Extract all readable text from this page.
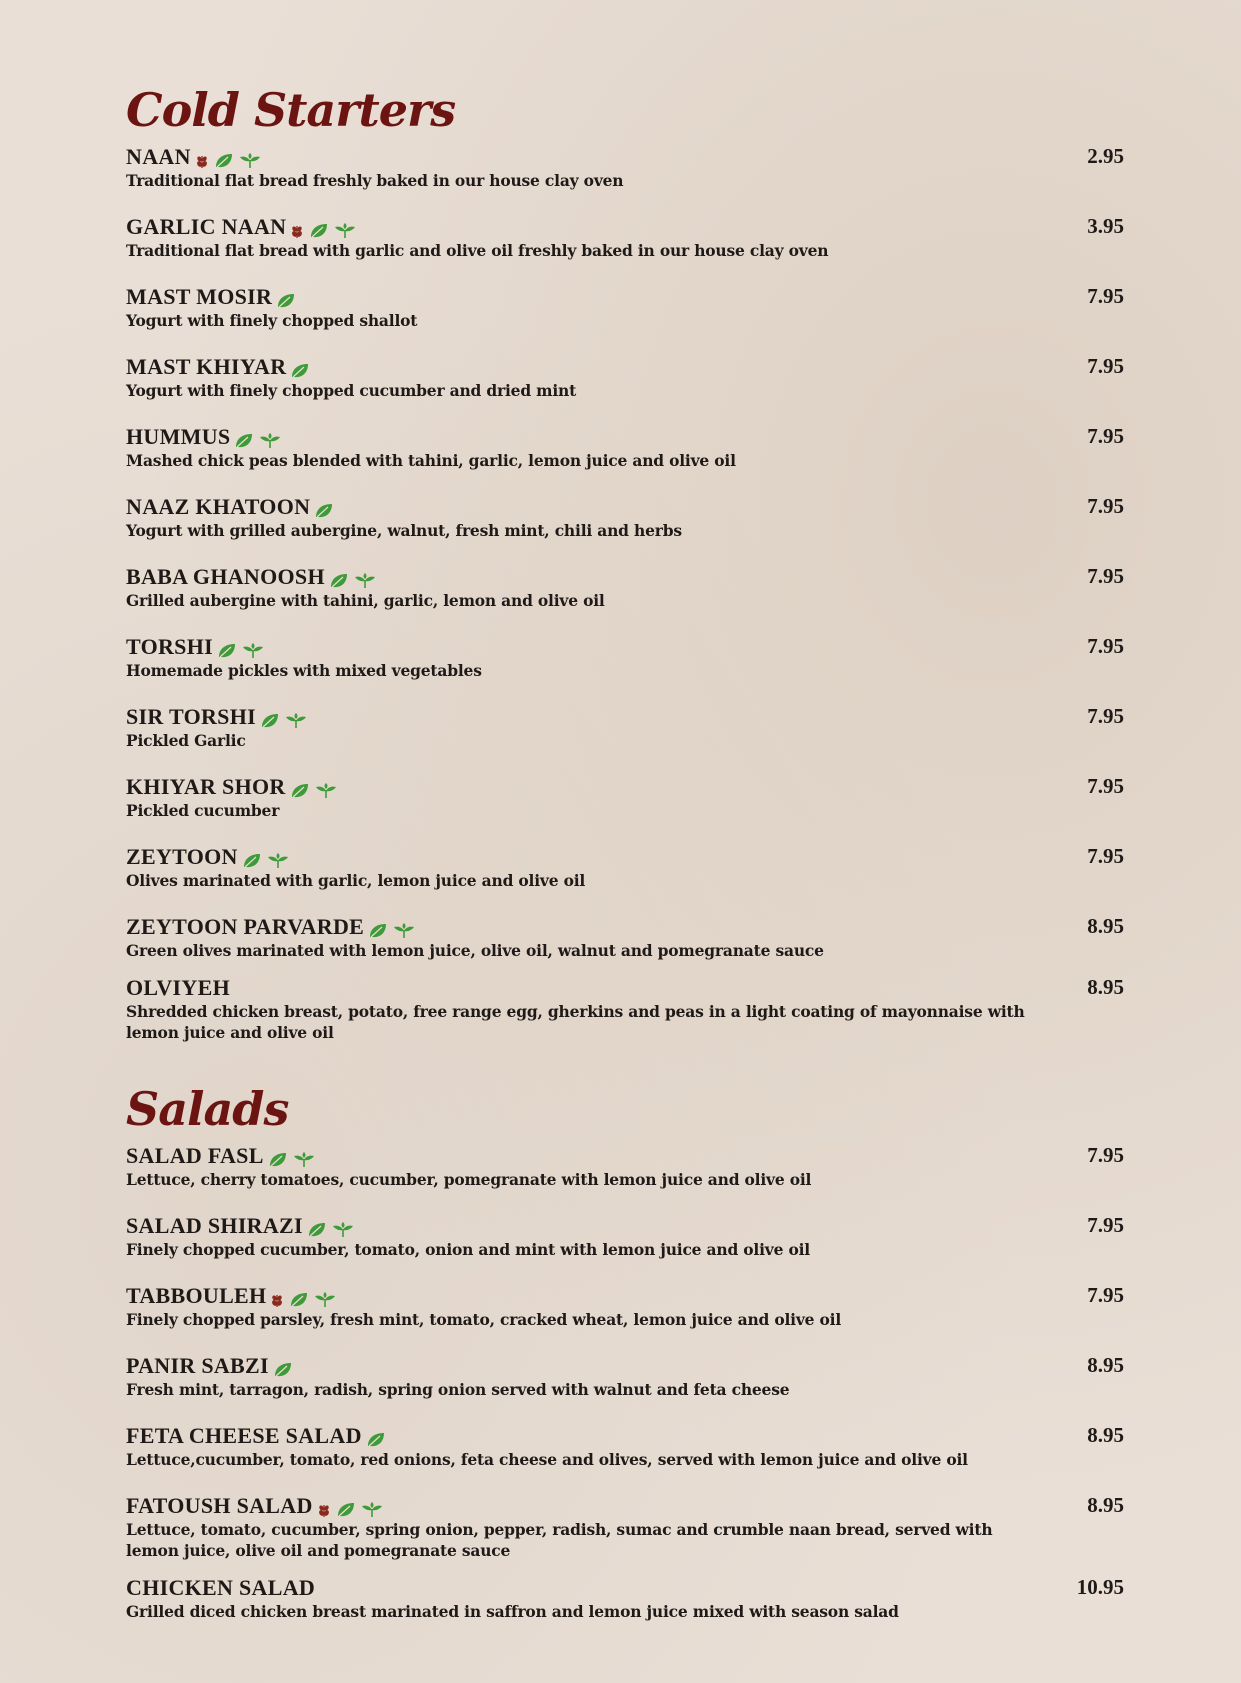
Cold Starters
NAAN	2.95
Traditional flat bread freshly baked in our house clay oven
GARLIC NAAN	3.95
Traditional flat bread with garlic and olive oil freshly baked in our house clay oven
MAST MOSIR	7.95
Yogurt with finely chopped shallot
MAST KHIYAR	7.95
Yogurt with finely chopped cucumber and dried mint
HUMMUS	7.95
Mashed chick peas blended with tahini, garlic, lemon juice and olive oil
NAAZ KHATOON	7.95
Yogurt with grilled aubergine, walnut, fresh mint, chili and herbs
BABA GHANOOSH	7.95
Grilled aubergine with tahini, garlic, lemon and olive oil
TORSHI	7.95
Homemade pickles with mixed vegetables
SIR TORSHI	7.95
Pickled Garlic
KHIYAR SHOR	7.95
Pickled cucumber
ZEYTOON	7.95
Olives marinated with garlic, lemon juice and olive oil
ZEYTOON PARVARDE	8.95
Green olives marinated with lemon juice, olive oil, walnut and pomegranate sauce
OLVIYEH	8.95
Shredded chicken breast, potato, free range egg, gherkins and peas in a light coating of mayonnaise with lemon juice and olive oil
Salads
SALAD FASL	7.95
Lettuce, cherry tomatoes, cucumber, pomegranate with lemon juice and olive oil
SALAD SHIRAZI	7.95
Finely chopped cucumber, tomato, onion and mint with lemon juice and olive oil
TABBOULEH	7.95
Finely chopped parsley, fresh mint, tomato, cracked wheat, lemon juice and olive oil
PANIR SABZI	8.95
Fresh mint, tarragon, radish, spring onion served with walnut and feta cheese
FETA CHEESE SALAD	8.95
Lettuce,cucumber, tomato, red onions, feta cheese and olives, served with lemon juice and olive oil
FATOUSH SALAD	8.95
Lettuce, tomato, cucumber, spring onion, pepper, radish, sumac and crumble naan bread, served with lemon juice, olive oil and pomegranate sauce
CHICKEN SALAD	10.95
Grilled diced chicken breast marinated in saffron and lemon juice mixed with season salad
